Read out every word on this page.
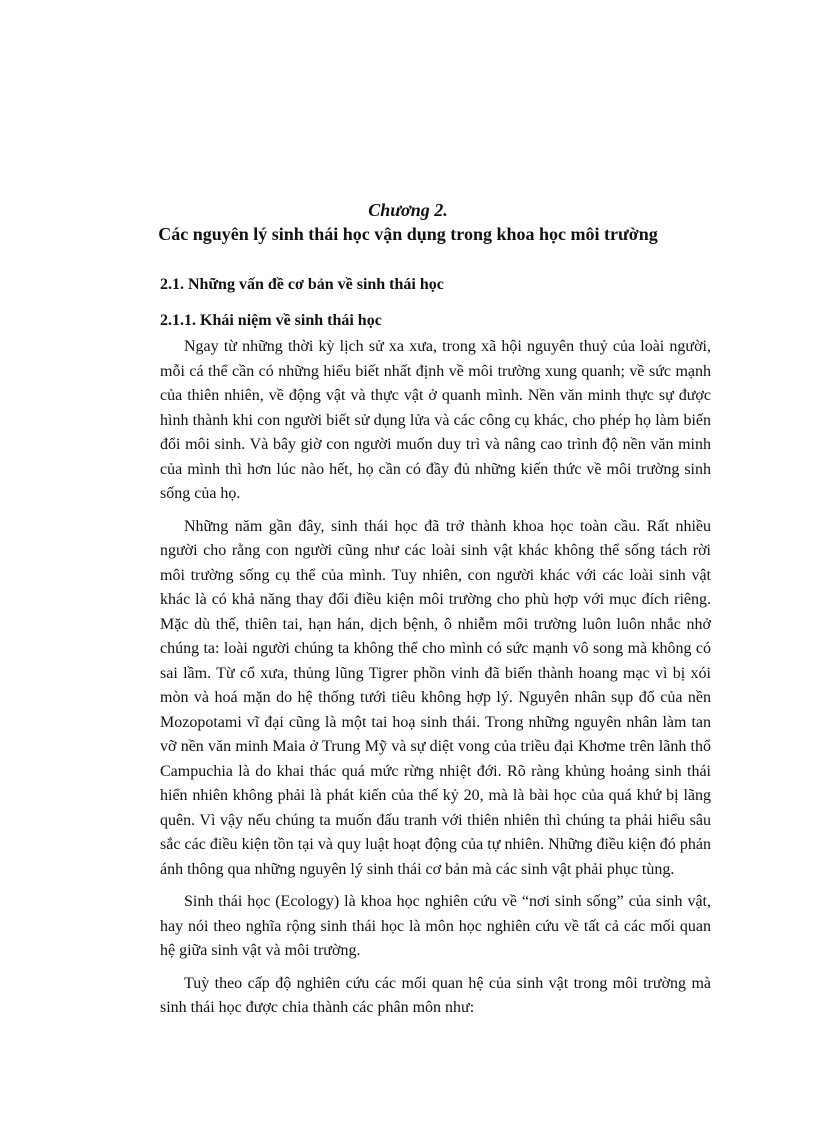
Chương 2.

Các nguyên lý sinh thái học vận dụng trong khoa học môi trường

2.1. Những vấn đề cơ bản về sinh thái học

2.1.1. Khái niệm về sinh thái học

Ngay từ những thời kỳ lịch sử xa xưa, trong xã hội nguyên thuỷ của loài người, mỗi cá thể cần có những hiểu biết nhất định về môi trường xung quanh; về sức mạnh của thiên nhiên, về động vật và thực vật ở quanh mình. Nền văn minh thực sự được hình thành khi con người biết sử dụng lửa và các công cụ khác, cho phép họ làm biến đổi môi sinh. Và bây giờ con người muốn duy trì và nâng cao trình độ nền văn minh của mình thì hơn lúc nào hết, họ cần có đầy đủ những kiến thức về môi trường sinh sống của họ.

Những năm gần đây, sinh thái học đã trở thành khoa học toàn cầu. Rất nhiều người cho rằng con người cũng như các loài sinh vật khác không thể sống tách rời môi trường sống cụ thể của mình. Tuy nhiên, con người khác với các loài sinh vật khác là có khả năng thay đổi điều kiện môi trường cho phù hợp với mục đích riêng. Mặc dù thế, thiên tai, hạn hán, dịch bệnh, ô nhiễm môi trường luôn luôn nhắc nhở chúng ta: loài người chúng ta không thể cho mình có sức mạnh vô song mà không có sai lầm. Từ cổ xưa, thủng lũng Tigrer phồn vinh đã biến thành hoang mạc vì bị xói mòn và hoá mặn do hệ thống tưới tiêu không hợp lý. Nguyên nhân sụp đổ của nền Mozopotami vĩ đại cũng là một tai hoạ sinh thái. Trong những nguyên nhân làm tan vỡ nền văn minh Maia ở Trung Mỹ và sự diệt vong của triều đại Khơme trên lãnh thổ Campuchia là do khai thác quá mức rừng nhiệt đới. Rõ ràng khủng hoảng sinh thái hiển nhiên không phải là phát kiến của thế kỷ 20, mà là bài học của quá khứ bị lãng quên. Vì vậy nếu chúng ta muốn đấu tranh với thiên nhiên thì chúng ta phải hiểu sâu sắc các điều kiện tồn tại và quy luật hoạt động của tự nhiên. Những điều kiện đó phản ánh thông qua những nguyên lý sinh thái cơ bản mà các sinh vật phải phục tùng.

Sinh thái học (Ecology) là khoa học nghiên cứu về “nơi sinh sống” của sinh vật, hay nói theo nghĩa rộng sinh thái học là môn học nghiên cứu về tất cả các mối quan hệ giữa sinh vật và môi trường.

Tuỳ theo cấp độ nghiên cứu các mối quan hệ của sinh vật trong môi trường mà sinh thái học được chia thành các phân môn như:
